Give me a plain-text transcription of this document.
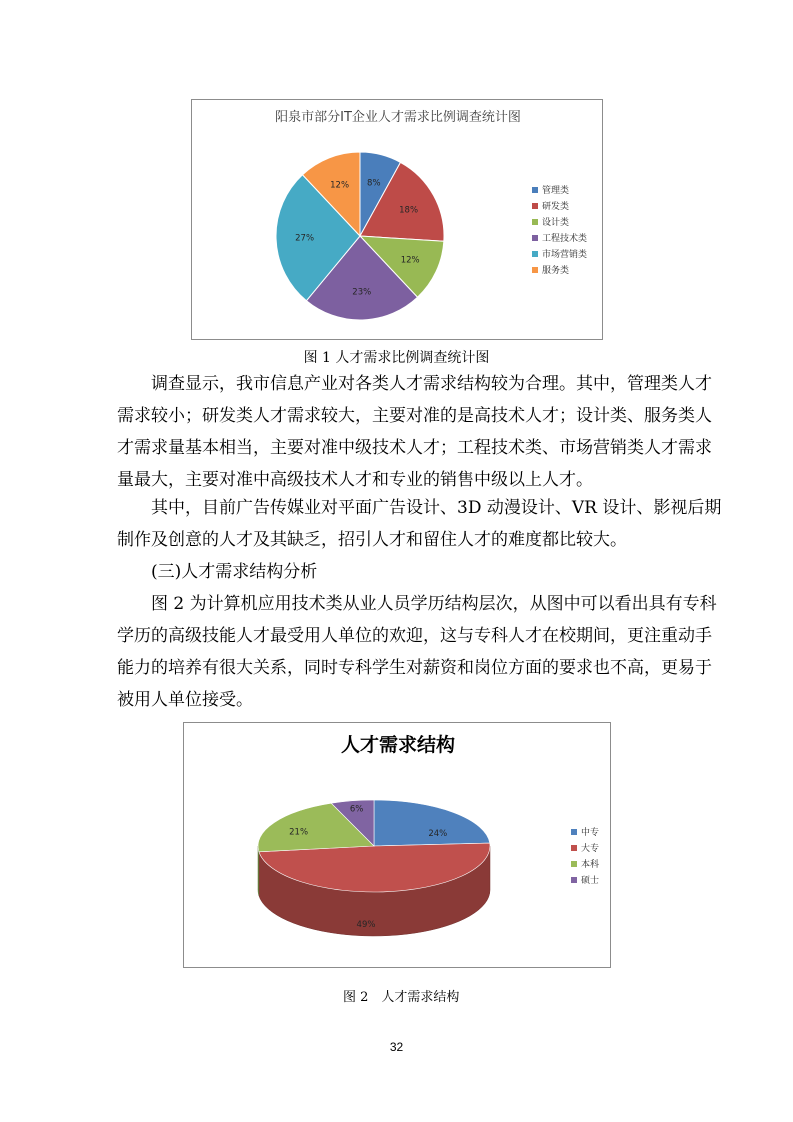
阳泉市部分IT企业人才需求比例调查统计图
8%
18%
12%
23%
27%
12%
管理类
研发类
设计类
工程技术类
市场营销类
服务类
图 1 人才需求比例调查统计图
调查显示，我市信息产业对各类人才需求结构较为合理。其中，管理类人才
需求较小；研发类人才需求较大，主要对准的是高技术人才；设计类、服务类人
才需求量基本相当，主要对准中级技术人才；工程技术类、市场营销类人才需求
量最大，主要对准中高级技术人才和专业的销售中级以上人才。
其中，目前广告传媒业对平面广告设计、3D 动漫设计、VR 设计、影视后期
制作及创意的人才及其缺乏，招引人才和留住人才的难度都比较大。
(三)人才需求结构分析
图 2 为计算机应用技术类从业人员学历结构层次，从图中可以看出具有专科
学历的高级技能人才最受用人单位的欢迎，这与专科人才在校期间，更注重动手
能力的培养有很大关系，同时专科学生对薪资和岗位方面的要求也不高，更易于
被用人单位接受。
人才需求结构
24%
49%
21%
6%
中专
大专
本科
硕士
图 2　人才需求结构
32
